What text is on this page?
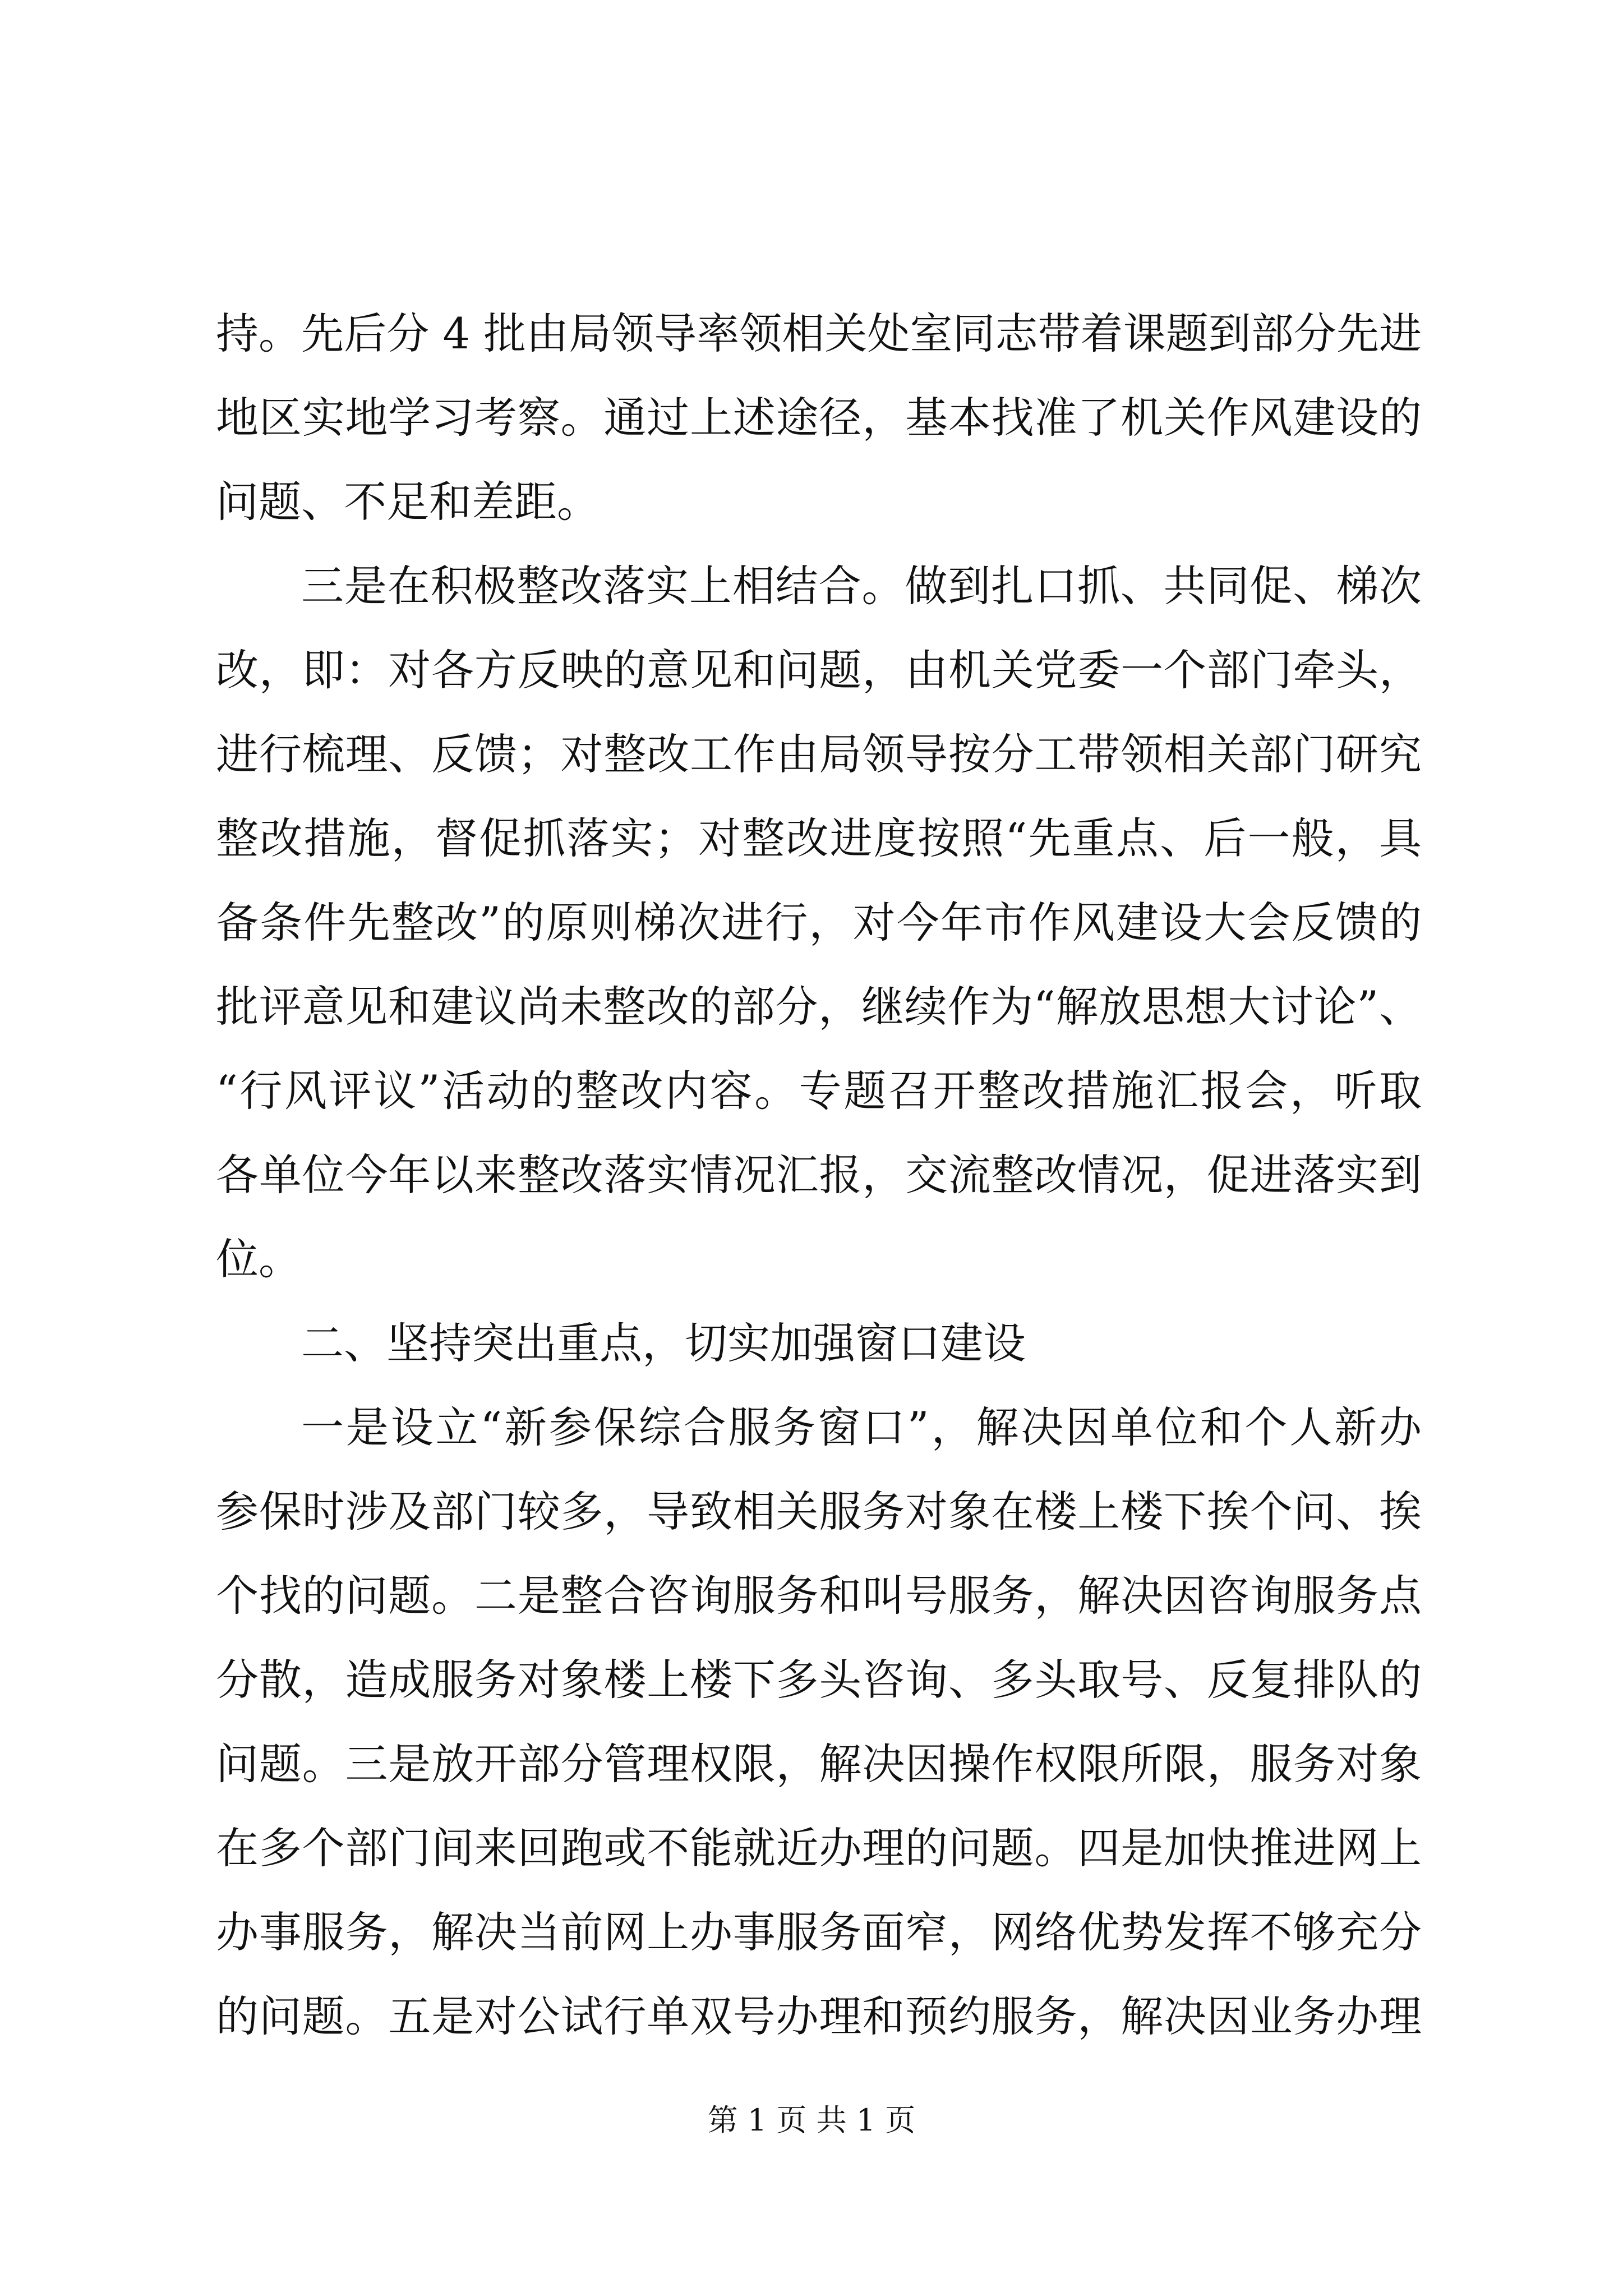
持。先后分 4 批由局领导率领相关处室同志带着课题到部分先进
地区实地学习考察。通过上述途径，基本找准了机关作风建设的
问题、不足和差距。
三是在积极整改落实上相结合。做到扎口抓、共同促、梯次
改，即：对各方反映的意见和问题，由机关党委一个部门牵头，
进行梳理、反馈；对整改工作由局领导按分工带领相关部门研究
整改措施，督促抓落实；对整改进度按照“先重点、后一般，具
备条件先整改”的原则梯次进行，对今年市作风建设大会反馈的
批评意见和建议尚未整改的部分，继续作为“解放思想大讨论”、
“行风评议”活动的整改内容。专题召开整改措施汇报会，听取
各单位今年以来整改落实情况汇报，交流整改情况，促进落实到
位。
二、坚持突出重点，切实加强窗口建设
一是设立“新参保综合服务窗口”，解决因单位和个人新办
参保时涉及部门较多，导致相关服务对象在楼上楼下挨个问、挨
个找的问题。二是整合咨询服务和叫号服务，解决因咨询服务点
分散，造成服务对象楼上楼下多头咨询、多头取号、反复排队的
问题。三是放开部分管理权限，解决因操作权限所限，服务对象
在多个部门间来回跑或不能就近办理的问题。四是加快推进网上
办事服务，解决当前网上办事服务面窄，网络优势发挥不够充分
的问题。五是对公试行单双号办理和预约服务，解决因业务办理
第 1 页 共 1 页
